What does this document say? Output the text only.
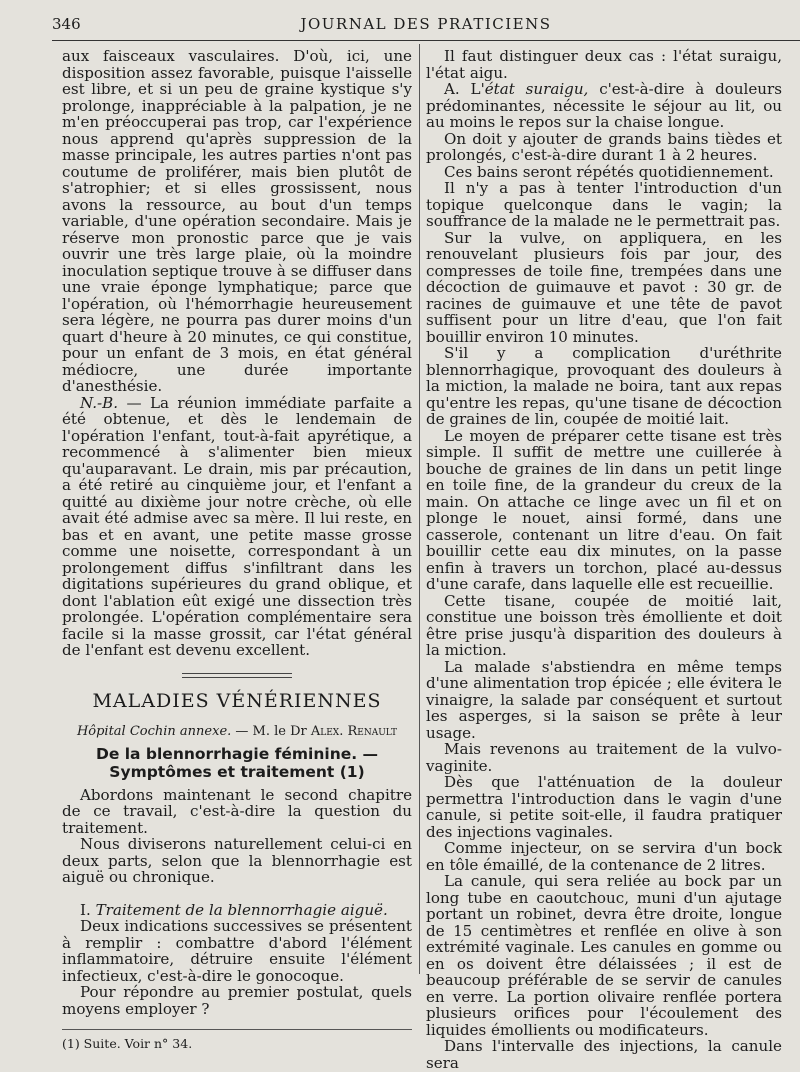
346	JOURNAL DES PRATICIENS

aux faisceaux vasculaires. D'où, ici, une disposition assez favorable, puisque l'aisselle est libre, et si un peu de graine kystique s'y prolonge, inappréciable à la palpation, je ne m'en préoccuperai pas trop, car l'expérience nous apprend qu'après suppression de la masse principale, les autres parties n'ont pas coutume de proliférer, mais bien plutôt de s'atrophier; et si elles grossissent, nous avons la ressource, au bout d'un temps variable, d'une opération secondaire. Mais je réserve mon pronostic parce que je vais ouvrir une très large plaie, où la moindre inoculation septique trouve à se diffuser dans une vraie éponge lymphatique; parce que l'opération, où l'hémorrhagie heureusement sera légère, ne pourra pas durer moins d'un quart d'heure à 20 minutes, ce qui constitue, pour un enfant de 3 mois, en état général médiocre, une durée importante d'anesthésie.

N.-B. — La réunion immédiate parfaite a été obtenue, et dès le lendemain de l'opération l'enfant, tout-à-fait apyrétique, a recommencé à s'alimenter bien mieux qu'auparavant. Le drain, mis par précaution, a été retiré au cinquième jour, et l'enfant a quitté au dixième jour notre crèche, où elle avait été admise avec sa mère. Il lui reste, en bas et en avant, une petite masse grosse comme une noisette, correspondant à un prolongement diffus s'infiltrant dans les digitations supérieures du grand oblique, et dont l'ablation eût exigé une dissection très prolongée. L'opération complémentaire sera facile si la masse grossit, car l'état général de l'enfant est devenu excellent.

MALADIES VÉNÉRIENNES
Hôpital Cochin annexe. — M. le Dr Alex. Renault
De la blennorrhagie féminine. — Symptômes et traitement (1)

Abordons maintenant le second chapitre de ce travail, c'est-à-dire la question du traitement.

Nous diviserons naturellement celui-ci en deux parts, selon que la blennorrhagie est aiguë ou chronique.

I. Traitement de la blennorrhagie aiguë.

Deux indications successives se présentent à remplir : combattre d'abord l'élément inflammatoire, détruire ensuite l'élément infectieux, c'est-à-dire le gonocoque.

Pour répondre au premier postulat, quels moyens employer ?

(1) Suite. Voir n° 34.

Il faut distinguer deux cas : l'état suraigu, l'état aigu.

A. L'état suraigu, c'est-à-dire à douleurs prédominantes, nécessite le séjour au lit, ou au moins le repos sur la chaise longue.

On doit y ajouter de grands bains tièdes et prolongés, c'est-à-dire durant 1 à 2 heures.

Ces bains seront répétés quotidiennement.

Il n'y a pas à tenter l'introduction d'un topique quelconque dans le vagin; la souffrance de la malade ne le permettrait pas.

Sur la vulve, on appliquera, en les renouvelant plusieurs fois par jour, des compresses de toile fine, trempées dans une décoction de guimauve et pavot : 30 gr. de racines de guimauve et une tête de pavot suffisent pour un litre d'eau, que l'on fait bouillir environ 10 minutes.

S'il y a complication d'uréthrite blennorrhagique, provoquant des douleurs à la miction, la malade ne boira, tant aux repas qu'entre les repas, qu'une tisane de décoction de graines de lin, coupée de moitié lait.

Le moyen de préparer cette tisane est très simple. Il suffit de mettre une cuillerée à bouche de graines de lin dans un petit linge en toile fine, de la grandeur du creux de la main. On attache ce linge avec un fil et on plonge le nouet, ainsi formé, dans une casserole, contenant un litre d'eau. On fait bouillir cette eau dix minutes, on la passe enfin à travers un torchon, placé au-dessus d'une carafe, dans laquelle elle est recueillie.

Cette tisane, coupée de moitié lait, constitue une boisson très émolliente et doit être prise jusqu'à disparition des douleurs à la miction.

La malade s'abstiendra en même temps d'une alimentation trop épicée ; elle évitera le vinaigre, la salade par conséquent et surtout les asperges, si la saison se prête à leur usage.

Mais revenons au traitement de la vulvo-vaginite.

Dès que l'atténuation de la douleur permettra l'introduction dans le vagin d'une canule, si petite soit-elle, il faudra pratiquer des injections vaginales.

Comme injecteur, on se servira d'un bock en tôle émaillé, de la contenance de 2 litres.

La canule, qui sera reliée au bock par un long tube en caoutchouc, muni d'un ajutage portant un robinet, devra être droite, longue de 15 centimètres et renflée en olive à son extrémité vaginale. Les canules en gomme ou en os doivent être délaissées ; il est de beaucoup préférable de se servir de canules en verre. La portion olivaire renflée portera plusieurs orifices pour l'écoulement des liquides émollients ou modificateurs.

Dans l'intervalle des injections, la canule sera
